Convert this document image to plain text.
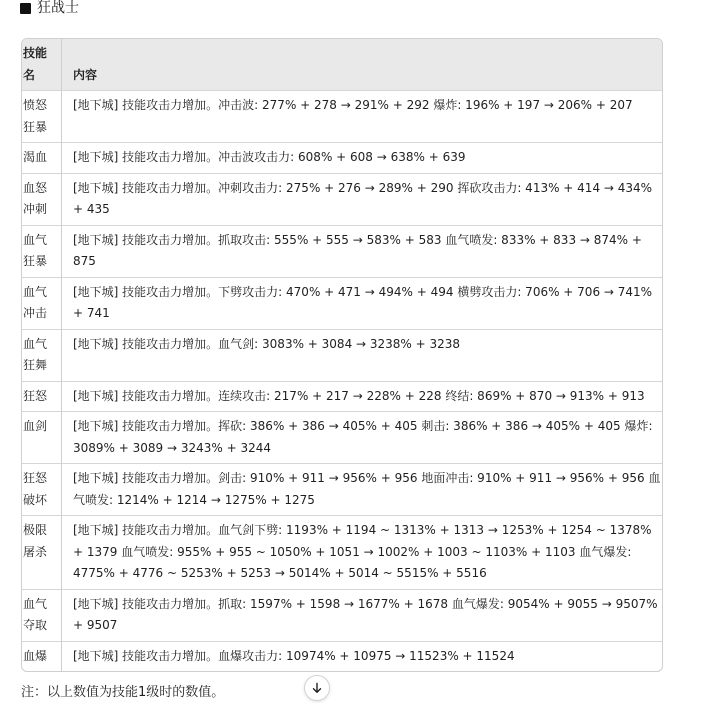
狂战士
技能名	内容

愤怒狂暴	[地下城] 技能攻击力增加。冲击波: 277% + 278 → 291% + 292 爆炸: 196% + 197 → 206% + 207

渴血	[地下城] 技能攻击力增加。冲击波攻击力: 608% + 608 → 638% + 639

血怒冲刺	[地下城] 技能攻击力增加。冲刺攻击力: 275% + 276 → 289% + 290 挥砍攻击力: 413% + 414 → 434% + 435

血气狂暴	[地下城] 技能攻击力增加。抓取攻击: 555% + 555 → 583% + 583 血气喷发: 833% + 833 → 874% + 875

血气冲击	[地下城] 技能攻击力增加。下劈攻击力: 470% + 471 → 494% + 494 横劈攻击力: 706% + 706 → 741% + 741

血气狂舞	[地下城] 技能攻击力增加。血气剑: 3083% + 3084 → 3238% + 3238

狂怒	[地下城] 技能攻击力增加。连续攻击: 217% + 217 → 228% + 228 终结: 869% + 870 → 913% + 913

血剑	[地下城] 技能攻击力增加。挥砍: 386% + 386 → 405% + 405 刺击: 386% + 386 → 405% + 405 爆炸: 3089% + 3089 → 3243% + 3244

狂怒破坏	[地下城] 技能攻击力增加。剑击: 910% + 911 → 956% + 956 地面冲击: 910% + 911 → 956% + 956 血气喷发: 1214% + 1214 → 1275% + 1275

极限屠杀	[地下城] 技能攻击力增加。血气剑下劈: 1193% + 1194 ~ 1313% + 1313 → 1253% + 1254 ~ 1378% + 1379 血气喷发: 955% + 955 ~ 1050% + 1051 → 1002% + 1003 ~ 1103% + 1103 血气爆发: 4775% + 4776 ~ 5253% + 5253 → 5014% + 5014 ~ 5515% + 5516

血气夺取	[地下城] 技能攻击力增加。抓取: 1597% + 1598 → 1677% + 1678 血气爆发: 9054% + 9055 → 9507% + 9507

血爆	[地下城] 技能攻击力增加。血爆攻击力: 10974% + 10975 → 11523% + 11524
注：以上数值为技能1级时的数值。
